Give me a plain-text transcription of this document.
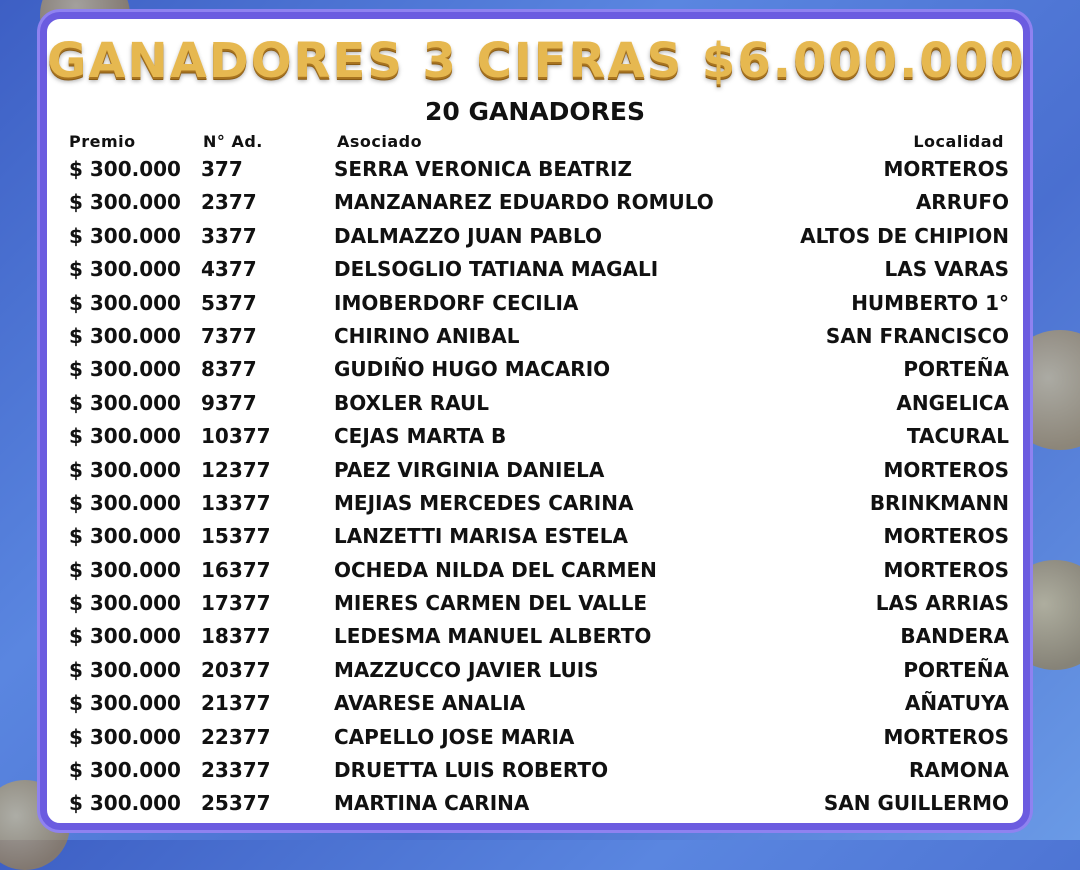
GANADORES 3 CIFRAS $6.000.000
20 GANADORES
Premio	N° Ad.	Asociado	Localidad
$ 300.000 377	SERRA VERONICA BEATRIZ	MORTEROS
$ 300.000 2377	MANZANAREZ EDUARDO ROMULO	ARRUFO
$ 300.000 3377	DALMAZZO JUAN PABLO	ALTOS DE CHIPION
$ 300.000 4377	DELSOGLIO TATIANA MAGALI	LAS VARAS
$ 300.000 5377	IMOBERDORF CECILIA	HUMBERTO 1°
$ 300.000 7377	CHIRINO ANIBAL	SAN FRANCISCO
$ 300.000 8377	GUDIÑO HUGO MACARIO	PORTEÑA
$ 300.000 9377	BOXLER RAUL	ANGELICA
$ 300.000 10377	CEJAS MARTA B	TACURAL
$ 300.000 12377	PAEZ VIRGINIA DANIELA	MORTEROS
$ 300.000 13377	MEJIAS MERCEDES CARINA	BRINKMANN
$ 300.000 15377	LANZETTI MARISA ESTELA	MORTEROS
$ 300.000 16377	OCHEDA NILDA DEL CARMEN	MORTEROS
$ 300.000 17377	MIERES CARMEN DEL VALLE	LAS ARRIAS
$ 300.000 18377	LEDESMA MANUEL ALBERTO	BANDERA
$ 300.000 20377	MAZZUCCO JAVIER LUIS	PORTEÑA
$ 300.000 21377	AVARESE ANALIA	AÑATUYA
$ 300.000 22377	CAPELLO JOSE MARIA	MORTEROS
$ 300.000 23377	DRUETTA LUIS ROBERTO	RAMONA
$ 300.000 25377	MARTINA CARINA	SAN GUILLERMO
